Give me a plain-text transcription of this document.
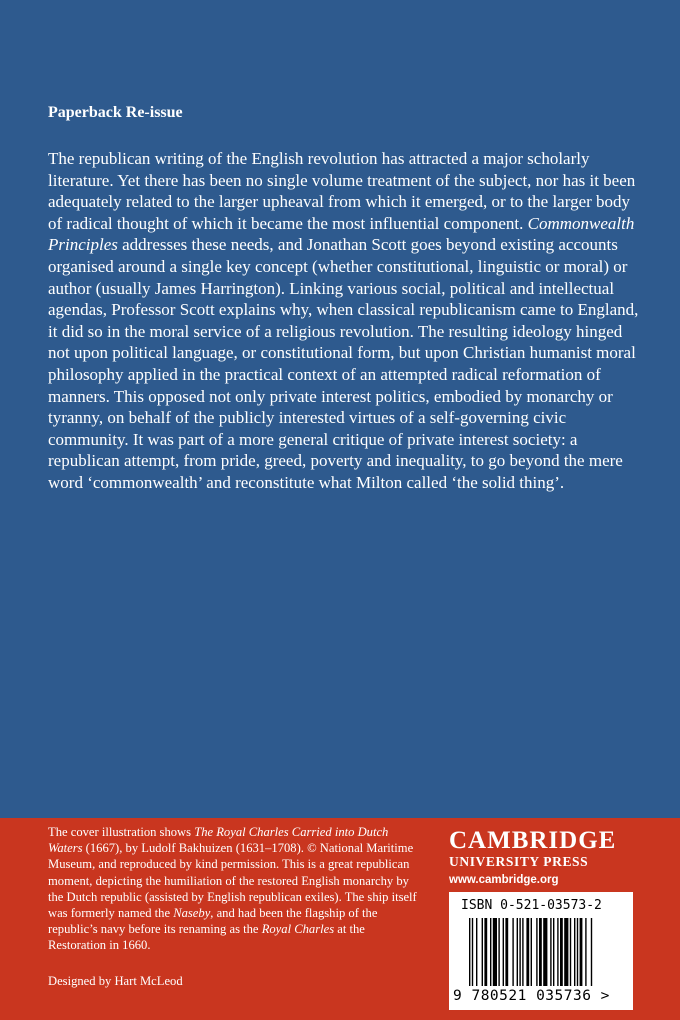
Paperback Re-issue
The republican writing of the English revolution has attracted a major scholarly literature. Yet there has been no single volume treatment of the subject, nor has it been adequately related to the larger upheaval from which it emerged, or to the larger body of radical thought of which it became the most influential component. Commonwealth Principles addresses these needs, and Jonathan Scott goes beyond existing accounts organised around a single key concept (whether constitutional, linguistic or moral) or author (usually James Harrington). Linking various social, political and intellectual agendas, Professor Scott explains why, when classical republicanism came to England, it did so in the moral service of a religious revolution. The resulting ideology hinged not upon political language, or constitutional form, but upon Christian humanist moral philosophy applied in the practical context of an attempted radical reformation of manners. This opposed not only private interest politics, embodied by monarchy or tyranny, on behalf of the publicly interested virtues of a self-governing civic community. It was part of a more general critique of private interest society: a republican attempt, from pride, greed, poverty and inequality, to go beyond the mere word ‘commonwealth’ and reconstitute what Milton called ‘the solid thing’.
The cover illustration shows The Royal Charles Carried into Dutch Waters (1667), by Ludolf Bakhuizen (1631–1708). © National Maritime Museum, and reproduced by kind permission. This is a great republican moment, depicting the humiliation of the restored English monarchy by the Dutch republic (assisted by English republican exiles). The ship itself was formerly named the Naseby, and had been the flagship of the republic’s navy before its renaming as the Royal Charles at the Restoration in 1660.
Designed by Hart McLeod
CAMBRIDGE
UNIVERSITY PRESS
www.cambridge.org
ISBN 0-521-03573-2
9 780521 035736 >
